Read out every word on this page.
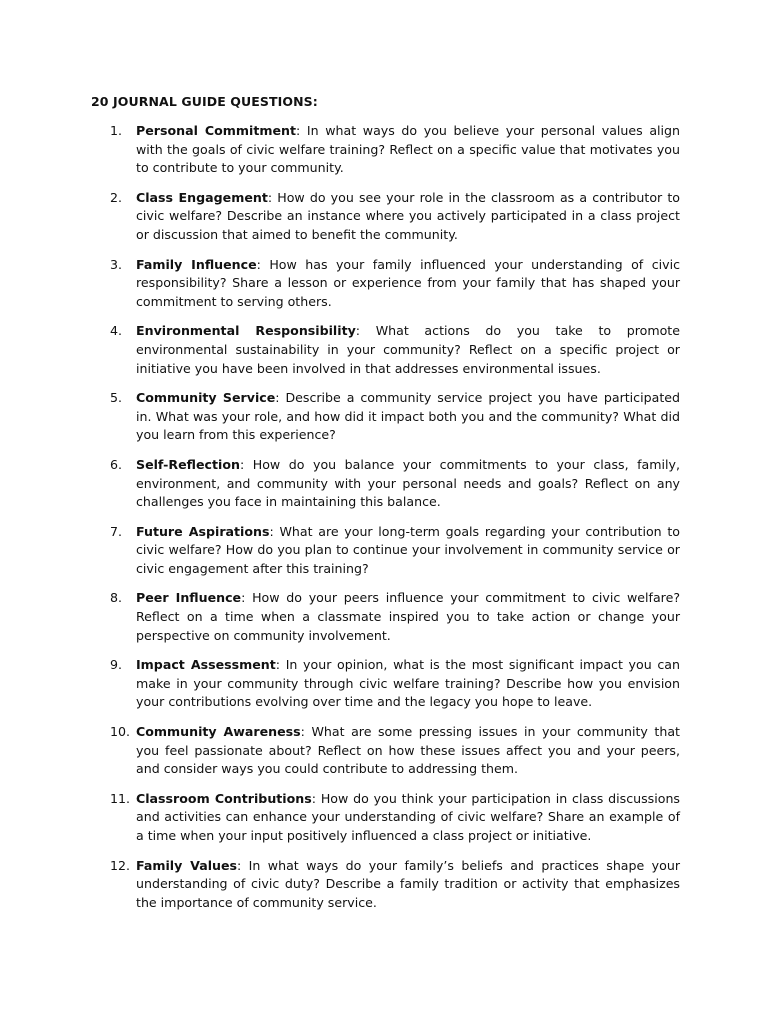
20 JOURNAL GUIDE QUESTIONS:
1.	Personal Commitment: In what ways do you believe your personal values align with the goals of civic welfare training? Reflect on a specific value that motivates you to contribute to your community.
2.	Class Engagement: How do you see your role in the classroom as a contributor to civic welfare? Describe an instance where you actively participated in a class project or discussion that aimed to benefit the community.
3.	Family Influence: How has your family influenced your understanding of civic responsibility? Share a lesson or experience from your family that has shaped your commitment to serving others.
4.	Environmental Responsibility: What actions do you take to promote environmental sustainability in your community? Reflect on a specific project or initiative you have been involved in that addresses environmental issues.
5.	Community Service: Describe a community service project you have participated in. What was your role, and how did it impact both you and the community? What did you learn from this experience?
6.	Self-Reflection: How do you balance your commitments to your class, family, environment, and community with your personal needs and goals? Reflect on any challenges you face in maintaining this balance.
7.	Future Aspirations: What are your long-term goals regarding your contribution to civic welfare? How do you plan to continue your involvement in community service or civic engagement after this training?
8.	Peer Influence: How do your peers influence your commitment to civic welfare? Reflect on a time when a classmate inspired you to take action or change your perspective on community involvement.
9.	Impact Assessment: In your opinion, what is the most significant impact you can make in your community through civic welfare training? Describe how you envision your contributions evolving over time and the legacy you hope to leave.
10. Community Awareness: What are some pressing issues in your community that you feel passionate about? Reflect on how these issues affect you and your peers, and consider ways you could contribute to addressing them.
11. Classroom Contributions: How do you think your participation in class discussions and activities can enhance your understanding of civic welfare? Share an example of a time when your input positively influenced a class project or initiative.
12. Family Values: In what ways do your family’s beliefs and practices shape your understanding of civic duty? Describe a family tradition or activity that emphasizes the importance of community service.
